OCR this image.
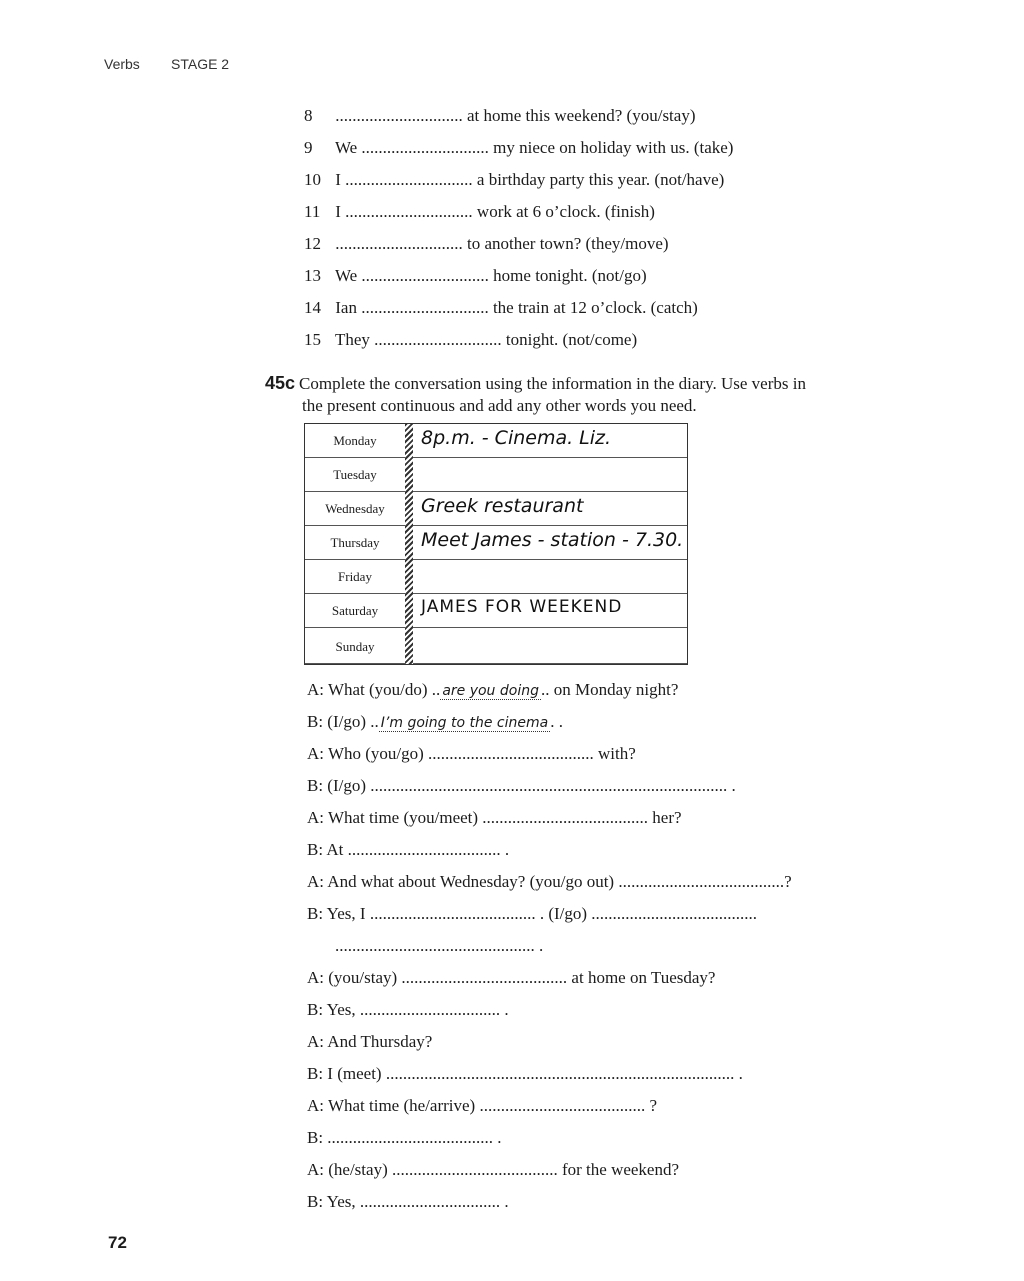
Verbs STAGE 2
8 .............................. at home this weekend? (you/stay)
9 We .............................. my niece on holiday with us. (take)
10 I .............................. a birthday party this year. (not/have)
11 I .............................. work at 6 o’clock. (finish)
12 .............................. to another town? (they/move)
13 We .............................. home tonight. (not/go)
14 Ian .............................. the train at 12 o’clock. (catch)
15 They .............................. tonight. (not/come)
45c Complete the conversation using the information in the diary. Use verbs in
the present continuous and add any other words you need.
Monday	8p.m. - Cinema. Liz.
Tuesday
Wednesday	Greek restaurant
Thursday	Meet James - station - 7.30.
Friday
Saturday	JAMES FOR WEEKEND
Sunday
A: What (you/do) .. are you doing .. on Monday night?
B: (I/go) .. I’m going to the cinema . .
A: Who (you/go) ....................................... with?
B: (I/go) .................................................................................... .
A: What time (you/meet) ....................................... her?
B: At .................................... .
A: And what about Wednesday? (you/go out) .......................................?
B: Yes, I ....................................... . (I/go) .......................................
............................................... .
A: (you/stay) ....................................... at home on Tuesday?
B: Yes, ................................. .
A: And Thursday?
B: I (meet) .................................................................................. .
A: What time (he/arrive) ....................................... ?
B: ....................................... .
A: (he/stay) ....................................... for the weekend?
B: Yes, ................................. .
72
